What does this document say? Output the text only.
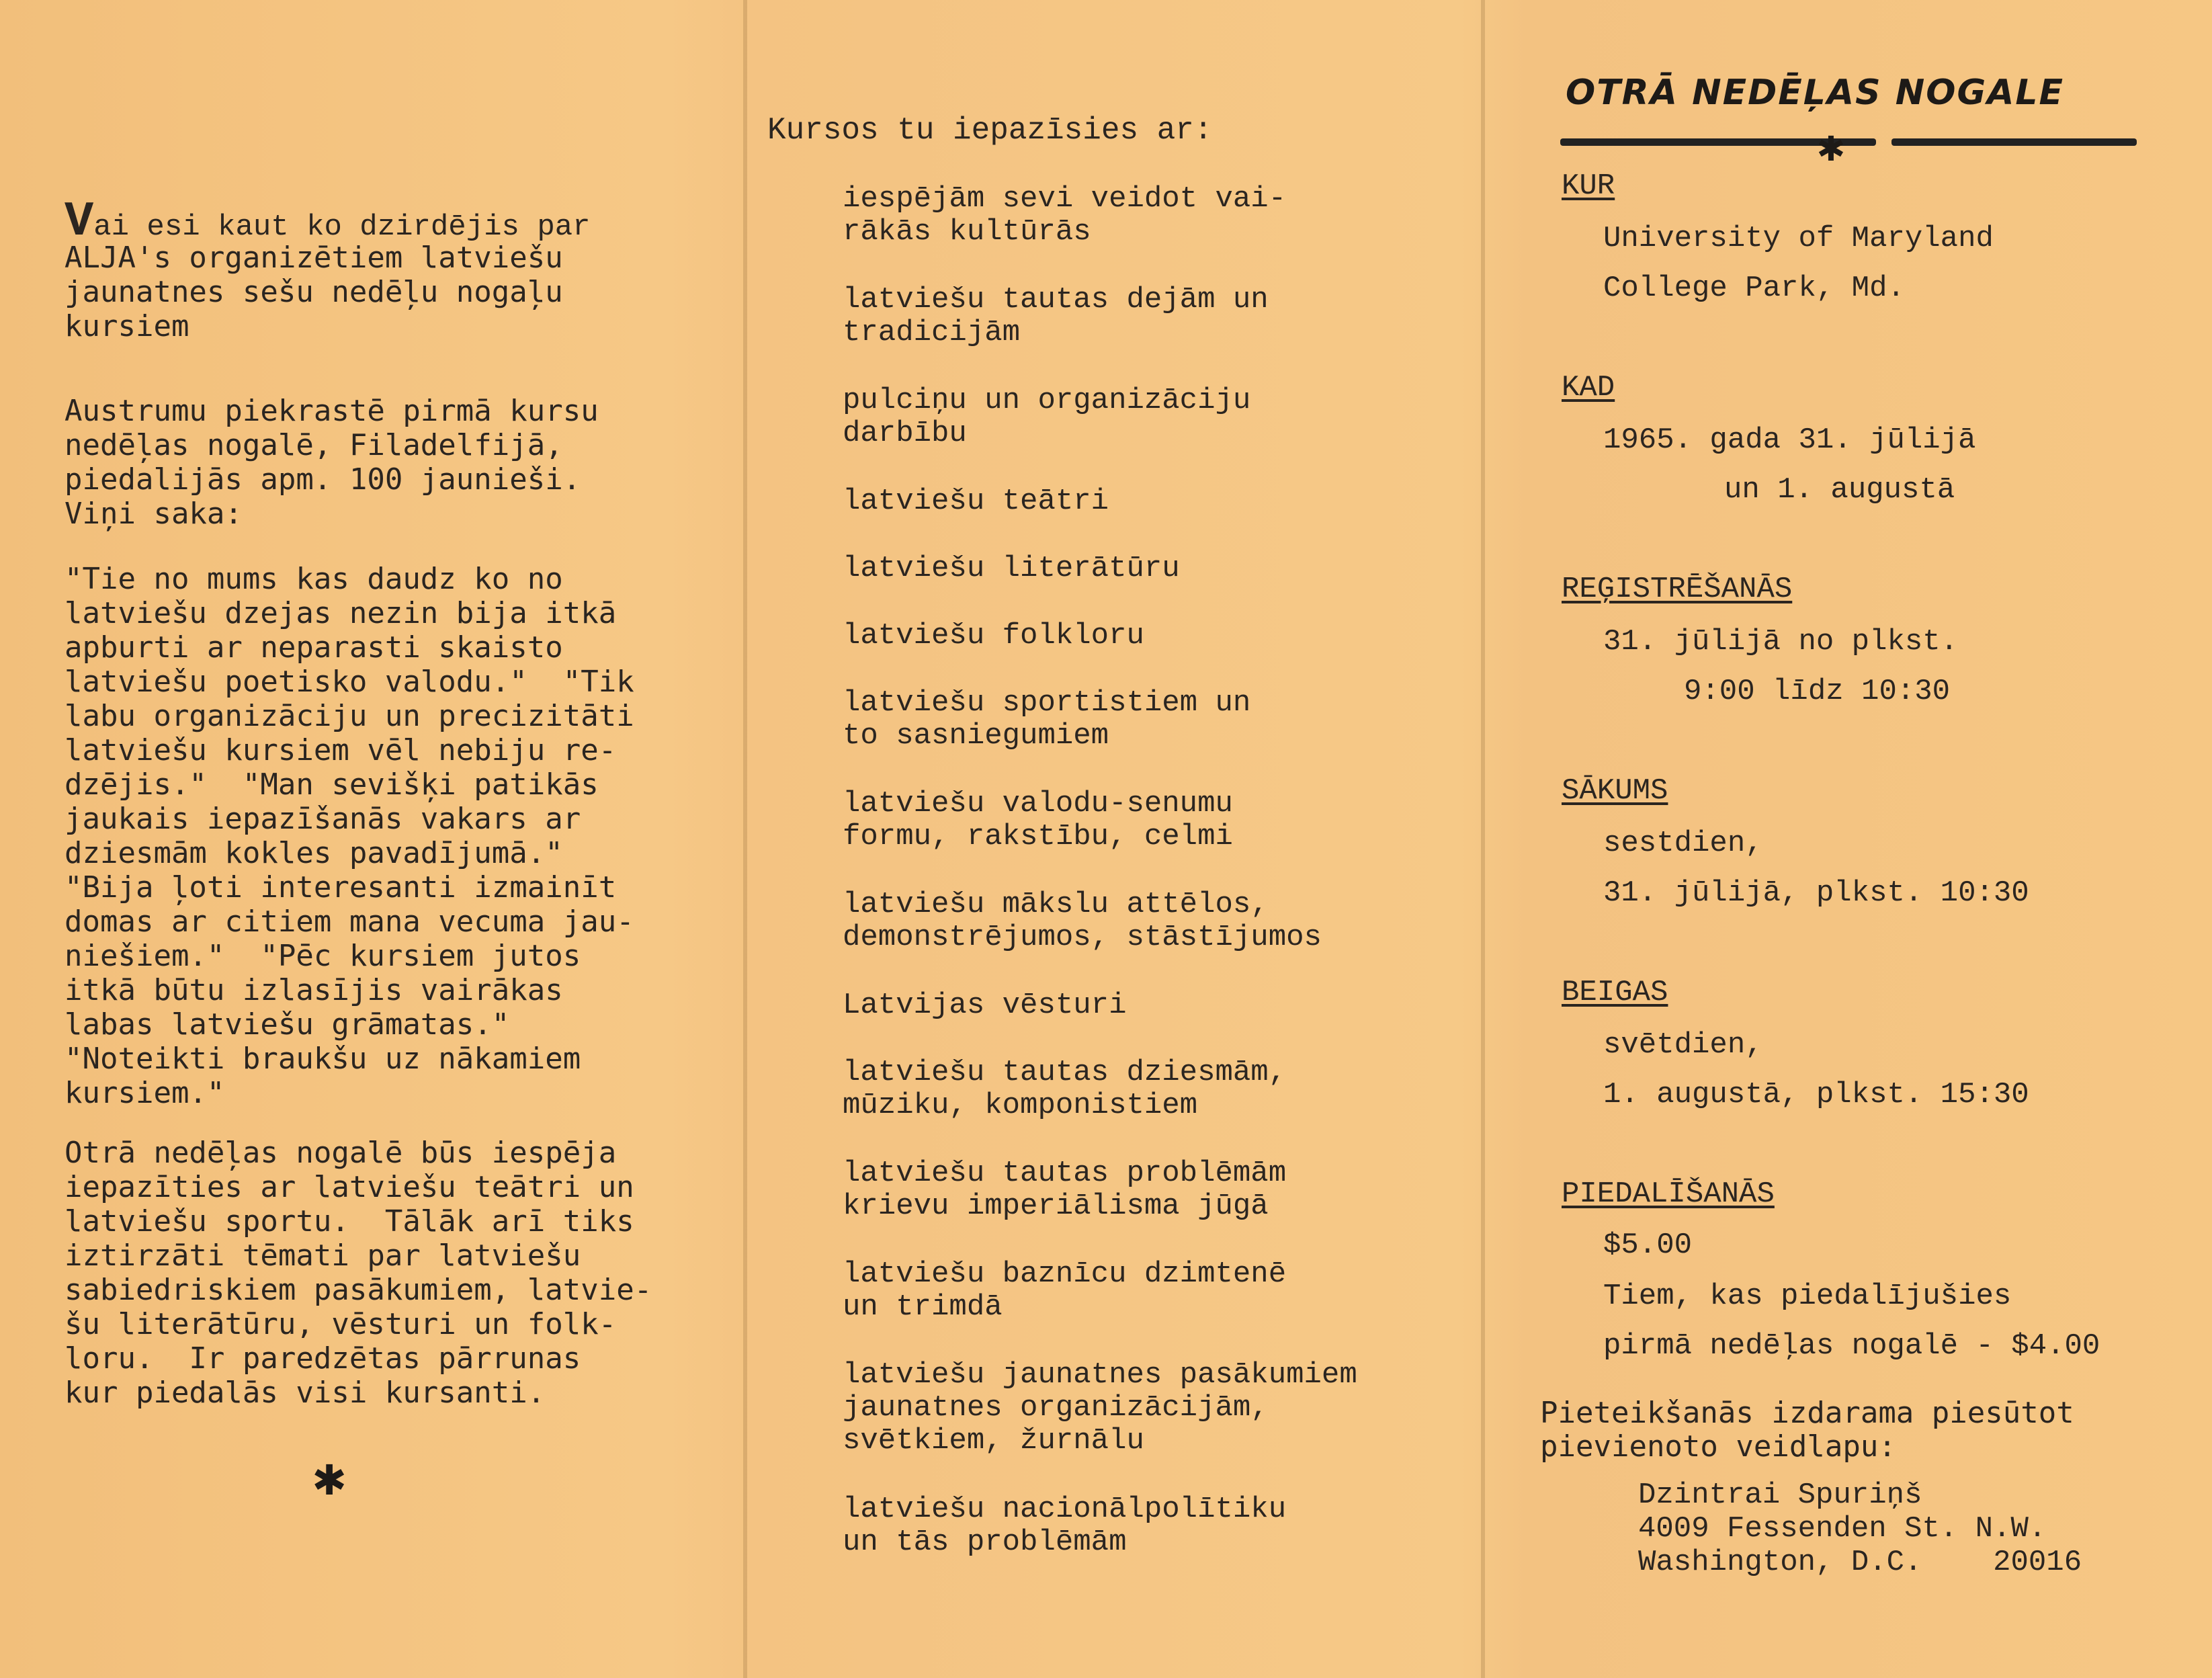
Vai esi kaut ko dzirdējis par
ALJA's organizētiem latviešu
jaunatnes sešu nedēļu nogaļu
kursiem
Austrumu piekrastē pirmā kursu
nedēļas nogalē, Filadelfijā,
piedalijās apm. 100 jaunieši.
Viņi saka:
"Tie no mums kas daudz ko no
latviešu dzejas nezin bija itkā
apburti ar neparasti skaisto
latviešu poetisko valodu."  "Tik
labu organizāciju un precizitāti
latviešu kursiem vēl nebiju re-
dzējis."  "Man sevišķi patikās
jaukais iepazīšanās vakars ar
dziesmām kokles pavadījumā."
"Bija ļoti interesanti izmainīt
domas ar citiem mana vecuma jau-
niešiem."  "Pēc kursiem jutos
itkā būtu izlasījis vairākas
labas latviešu grāmatas."
"Noteikti braukšu uz nākamiem
kursiem."
Otrā nedēļas nogalē būs iespēja
iepazīties ar latviešu teātri un
latviešu sportu.  Tālāk arī tiks
iztirzāti tēmati par latviešu
sabiedriskiem pasākumiem, latvie-
šu literātūru, vēsturi un folk-
loru.  Ir paredzētas pārrunas
kur piedalās visi kursanti.
✱
Kursos tu iepazīsies ar:
iespējām sevi veidot vai-
rākās kultūrās
latviešu tautas dejām un
tradicijām
pulciņu un organizāciju
darbību
latviešu teātri
latviešu literātūru
latviešu folkloru
latviešu sportistiem un
to sasniegumiem
latviešu valodu-senumu
formu, rakstību, celmi
latviešu mākslu attēlos,
demonstrējumos, stāstījumos
Latvijas vēsturi
latviešu tautas dziesmām,
mūziku, komponistiem
latviešu tautas problēmām
krievu imperiālisma jūgā
latviešu baznīcu dzimtenē
un trimdā
latviešu jaunatnes pasākumiem
jaunatnes organizācijām,
svētkiem, žurnālu
latviešu nacionālpolītiku
un tās problēmām
OTRĀ NEDĒĻAS NOGALE
✱
KUR
University of Maryland
College Park, Md.
KAD
1965. gada 31. jūlijā
un 1. augustā
REĢISTRĒŠANĀS
31. jūlijā no plkst.
9:00 līdz 10:30
SĀKUMS
sestdien,
31. jūlijā, plkst. 10:30
BEIGAS
svētdien,
1. augustā, plkst. 15:30
PIEDALĪŠANĀS
$5.00
Tiem, kas piedalījušies
pirmā nedēļas nogalē - $4.00
Pieteikšanās izdarama piesūtot
pievienoto veidlapu:
Dzintrai Spuriņš
4009 Fessenden St. N.W.
Washington, D.C.    20016
